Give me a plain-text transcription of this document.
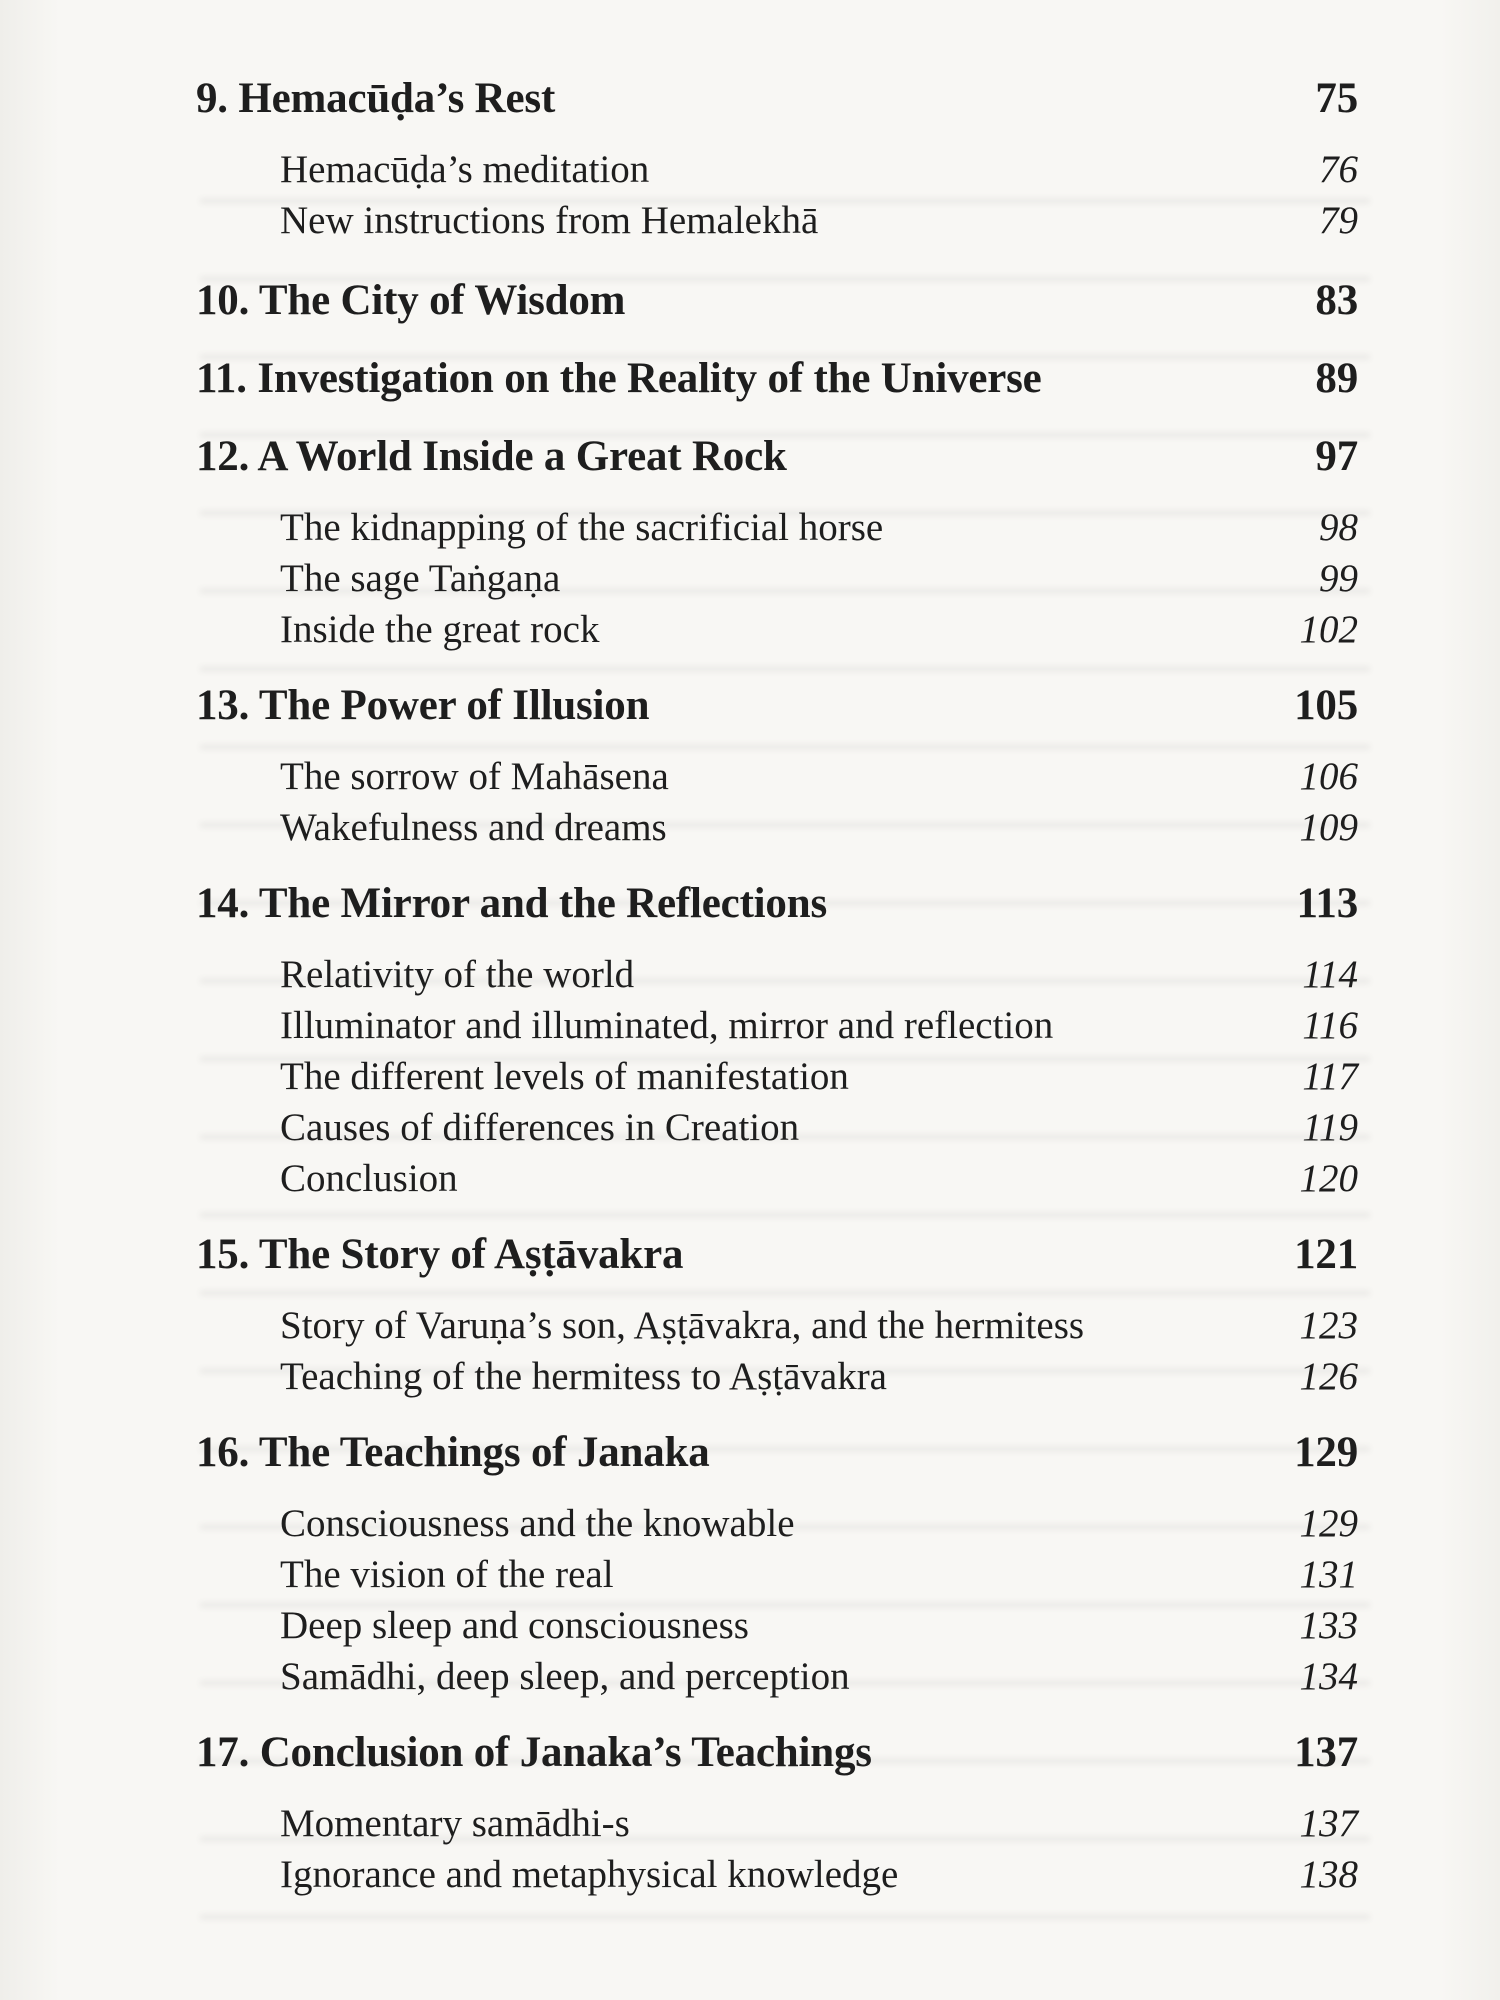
9. Hemacūḍa’s Rest	75
Hemacūḍa’s meditation	76
New instructions from Hemalekhā	79
10. The City of Wisdom	83
11. Investigation on the Reality of the Universe	89
12. A World Inside a Great Rock	97
The kidnapping of the sacrificial horse	98
The sage Taṅgaṇa	99
Inside the great rock	102
13. The Power of Illusion	105
The sorrow of Mahāsena	106
Wakefulness and dreams	109
14. The Mirror and the Reflections	113
Relativity of the world	114
Illuminator and illuminated, mirror and reflection	116
The different levels of manifestation	117
Causes of differences in Creation	119
Conclusion	120
15. The Story of Aṣṭāvakra	121
Story of Varuṇa’s son, Aṣṭāvakra, and the hermitess	123
Teaching of the hermitess to Aṣṭāvakra	126
16. The Teachings of Janaka	129
Consciousness and the knowable	129
The vision of the real	131
Deep sleep and consciousness	133
Samādhi, deep sleep, and perception	134
17. Conclusion of Janaka’s Teachings	137
Momentary samādhi-s	137
Ignorance and metaphysical knowledge	138
